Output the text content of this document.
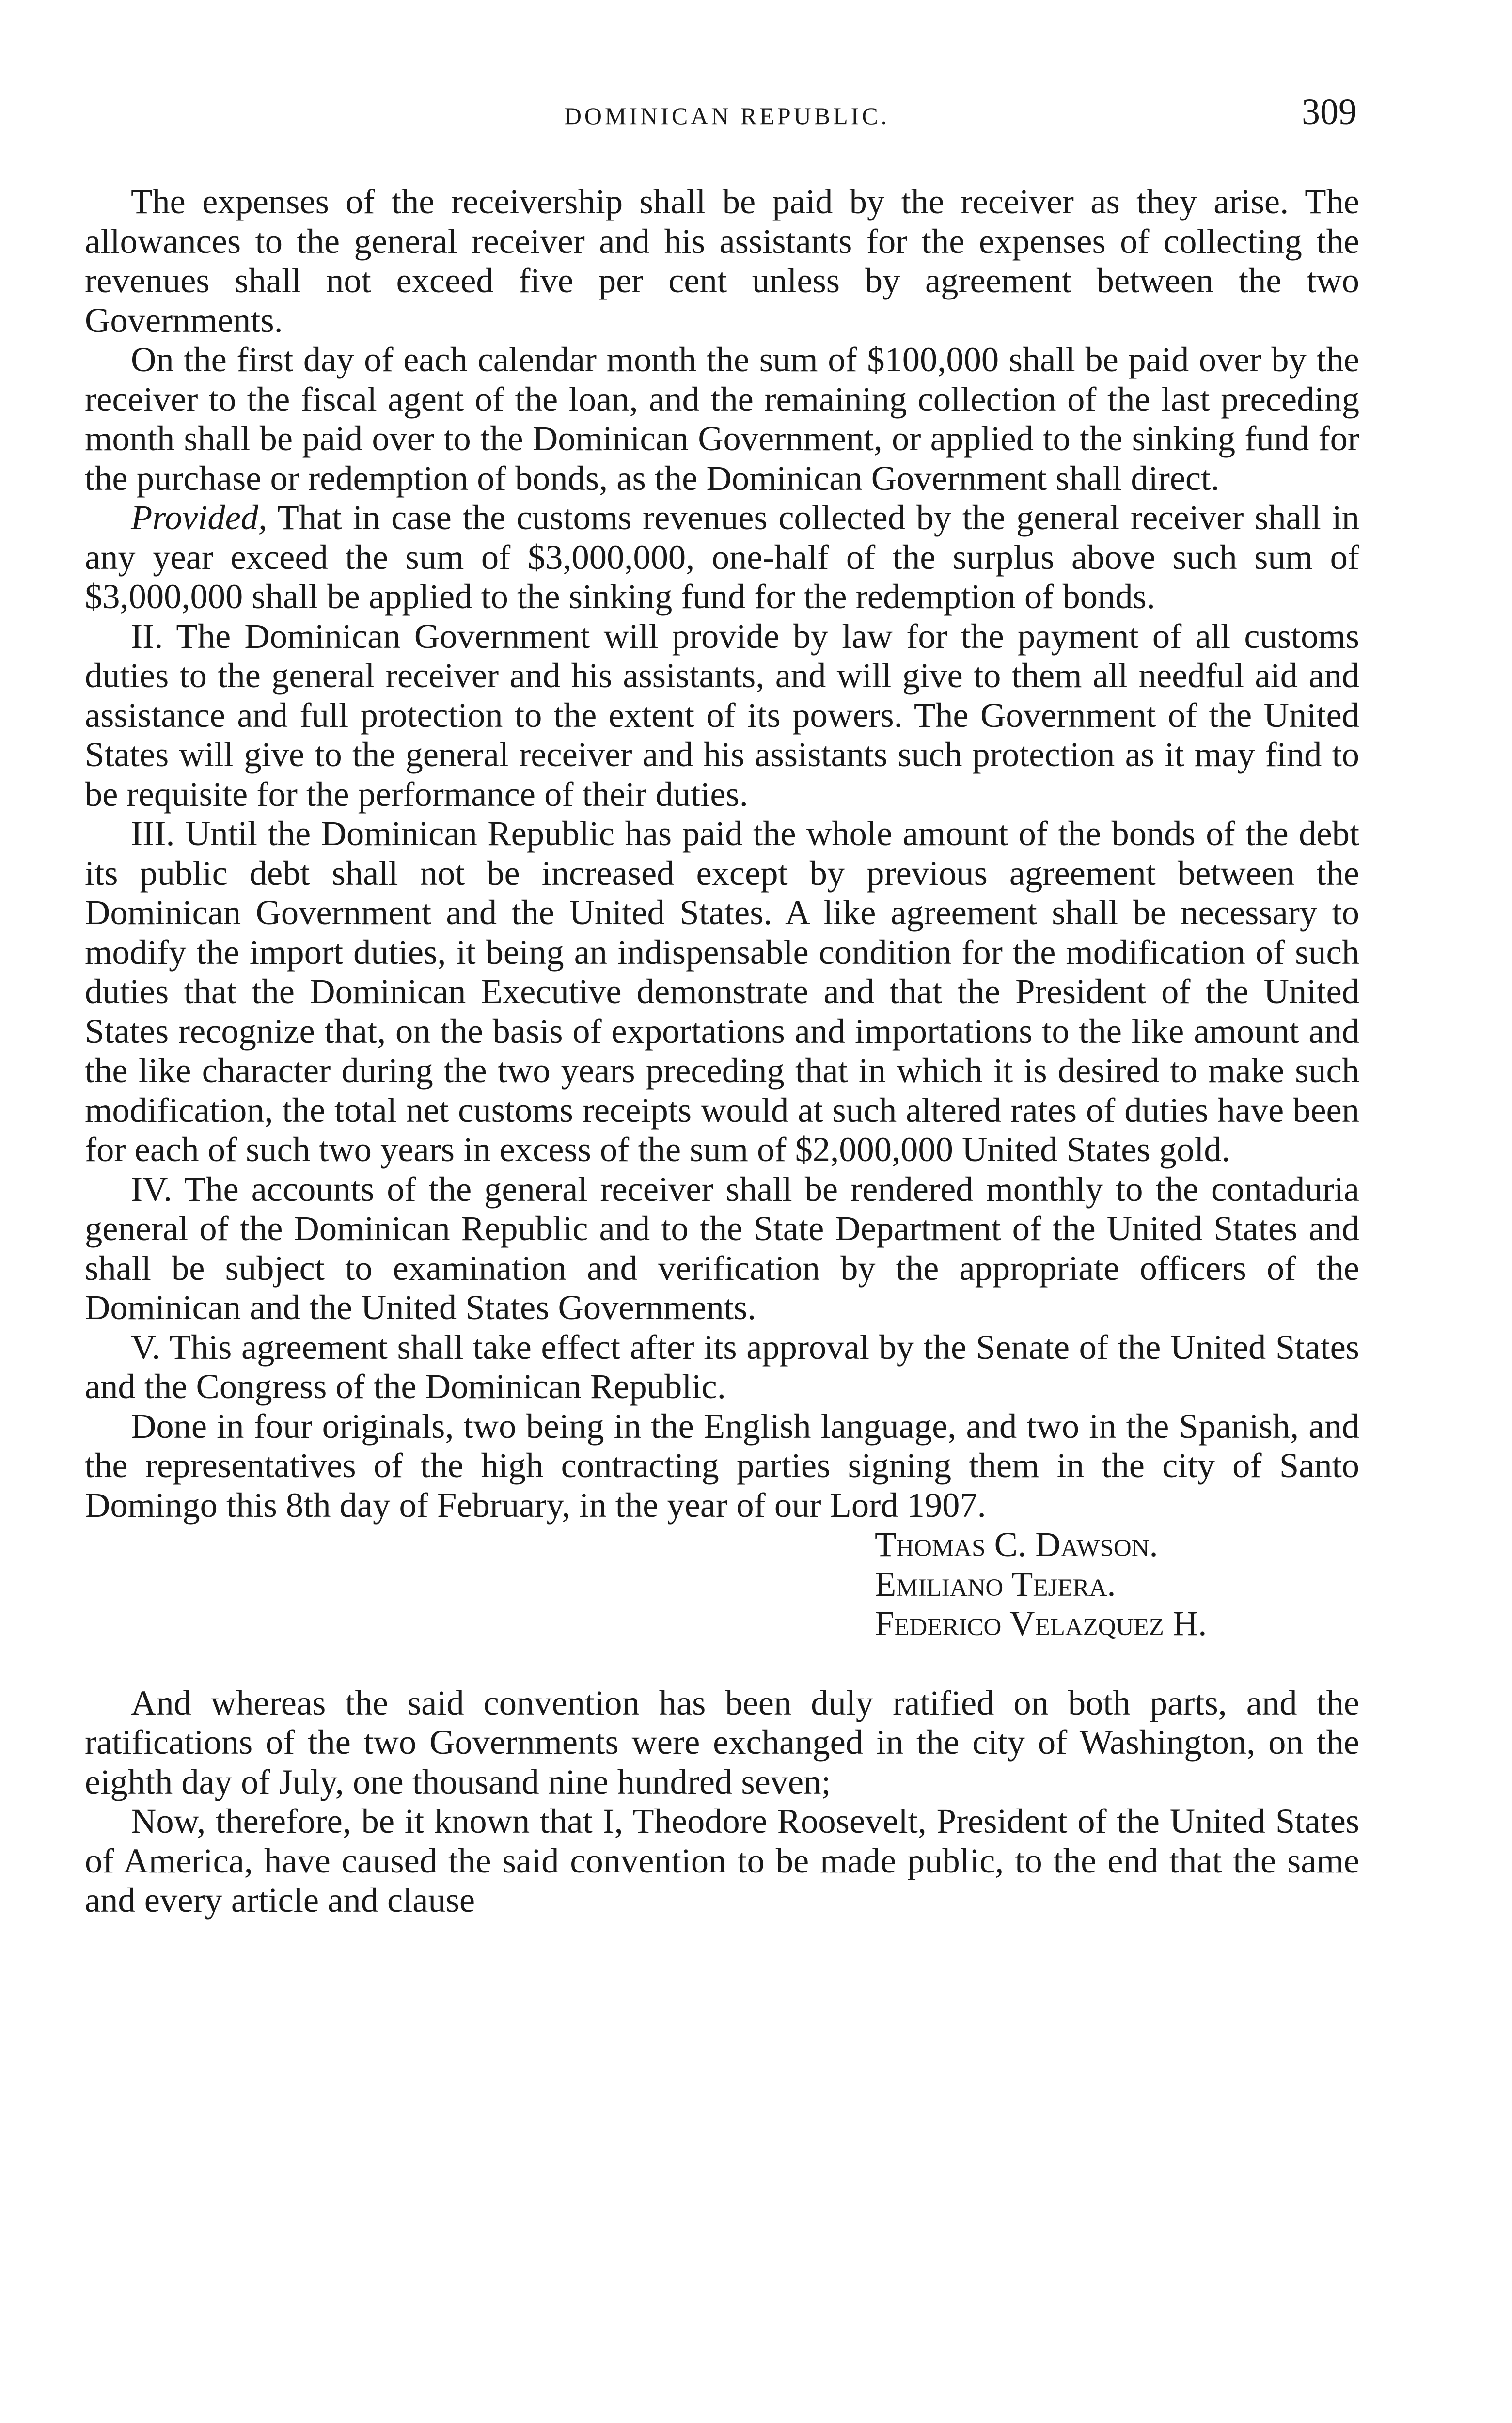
DOMINICAN REPUBLIC.	309

The expenses of the receivership shall be paid by the receiver as they arise. The allowances to the general receiver and his assistants for the expenses of collecting the revenues shall not exceed five per cent unless by agreement between the two Governments.

On the first day of each calendar month the sum of $100,000 shall be paid over by the receiver to the fiscal agent of the loan, and the remaining collection of the last preceding month shall be paid over to the Dominican Government, or applied to the sinking fund for the purchase or redemption of bonds, as the Dominican Government shall direct.

Provided, That in case the customs revenues collected by the general receiver shall in any year exceed the sum of $3,000,000, one-half of the surplus above such sum of $3,000,000 shall be applied to the sinking fund for the redemption of bonds.

II. The Dominican Government will provide by law for the payment of all customs duties to the general receiver and his assistants, and will give to them all needful aid and assistance and full protection to the extent of its powers. The Government of the United States will give to the general receiver and his assistants such protection as it may find to be requisite for the performance of their duties.

III. Until the Dominican Republic has paid the whole amount of the bonds of the debt its public debt shall not be increased except by previous agreement between the Dominican Government and the United States. A like agreement shall be necessary to modify the import duties, it being an indispensable condition for the modification of such duties that the Dominican Executive demonstrate and that the President of the United States recognize that, on the basis of exportations and importations to the like amount and the like character during the two years preceding that in which it is desired to make such modification, the total net customs receipts would at such altered rates of duties have been for each of such two years in excess of the sum of $2,000,000 United States gold.

IV. The accounts of the general receiver shall be rendered monthly to the contaduria general of the Dominican Republic and to the State Department of the United States and shall be subject to examination and verification by the appropriate officers of the Dominican and the United States Governments.

V. This agreement shall take effect after its approval by the Senate of the United States and the Congress of the Dominican Republic.

Done in four originals, two being in the English language, and two in the Spanish, and the representatives of the high contracting parties signing them in the city of Santo Domingo this 8th day of February, in the year of our Lord 1907.

Thomas C. Dawson.
Emiliano Tejera.
Federico Velazquez H.

And whereas the said convention has been duly ratified on both parts, and the ratifications of the two Governments were exchanged in the city of Washington, on the eighth day of July, one thousand nine hundred seven;

Now, therefore, be it known that I, Theodore Roosevelt, President of the United States of America, have caused the said convention to be made public, to the end that the same and every article and clause
